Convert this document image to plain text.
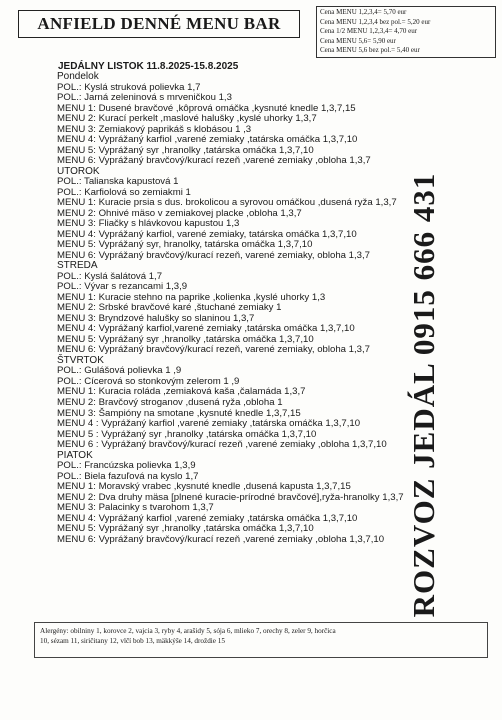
ANFIELD DENNÉ MENU BAR
Cena MENU 1,2,3,4= 5,70 eur
Cena MENU 1,2,3,4 bez pol.= 5,20 eur
Cena 1/2 MENU 1,2,3,4= 4,70 eur
Cena MENU 5,6= 5,90 eur
Cena MENU 5,6 bez pol.= 5,40 eur
JEDÁLNY LISTOK 11.8.2025-15.8.2025
Pondelok
POL.: Kyslá struková polievka 1,7
POL.: Jarná zeleninová s mrveničkou 1,3
MENU 1: Dusené bravčové ,kôprová omáčka ,kysnuté knedle 1,3,7,15
MENU 2: Kurací perkelt ,maslové halušky ,kyslé uhorky 1,3,7
MENU 3: Zemiakový paprikáš s klobásou 1 ,3
MENU 4: Vyprážaný karfiol ,varené zemiaky ,tatárska omáčka 1,3,7,10
MENU 5: Vyprážaný syr ,hranolky ,tatárska omáčka 1,3,7,10
MENU 6: Vyprážaný bravčový/kurací rezeň ,varené zemiaky ,obloha 1,3,7
UTOROK
POL.: Talianska kapustová 1
POL.: Karfiolová so zemiakmi 1
MENU 1: Kuracie prsia s dus. brokolicou a syrovou omáčkou ,dusená ryža 1,3,7
MENU 2: Ohnivé mäso v zemiakovej placke ,obloha 1,3,7
MENU 3: Fliačky s hlávkovou kapustou 1,3
MENU 4: Vyprážaný karfiol, varené zemiaky, tatárska omáčka 1,3,7,10
MENU 5: Vyprážaný syr, hranolky, tatárska omáčka 1,3,7,10
MENU 6: Vyprážaný bravčový/kurací rezeň, varené zemiaky, obloha 1,3,7
STREDA
POL.: Kyslá šalátová 1,7
POL.: Vývar s rezancami 1,3,9
MENU 1: Kuracie stehno na paprike ,kolienka ,kyslé uhorky 1,3
MENU 2: Srbské bravčové karé ,štuchané zemiaky 1
MENU 3: Bryndzové halušky so slaninou 1,3,7
MENU 4: Vyprážaný karfiol,varené zemiaky ,tatárska omáčka 1,3,7,10
MENU 5: Vyprážaný syr ,hranolky ,tatárska omáčka 1,3,7,10
MENU 6: Vyprážaný bravčový/kurací rezeň, varené zemiaky, obloha 1,3,7
ŠTVRTOK
POL.: Gulášová polievka 1 ,9
POL.: Cícerová so stonkovým zelerom 1 ,9
MENU 1: Kuracia roláda ,zemiaková kaša ,čalamáda 1,3,7
MENU 2: Bravčový stroganov ,dusená ryža ,obloha 1
MENU 3: Šampióny na smotane ,kysnuté knedle 1,3,7,15
MENU 4 : Vyprážaný karfiol ,varené zemiaky ,tatárska omáčka 1,3,7,10
MENU 5 : Vyprážaný syr ,hranolky ,tatárska omáčka 1,3,7,10
MENU 6 : Vyprážaný bravčový/kurací rezeň ,varené zemiaky ,obloha 1,3,7,10
PIATOK
POL.: Francúzska polievka 1,3,9
POL.: Biela fazuľová na kyslo 1,7
MENU 1: Moravský vrabec ,kysnuté knedle ,dusená kapusta 1,3,7,15
MENU 2: Dva druhy mäsa [plnené kuracie-prírodné bravčové],ryža-hranolky 1,3,7
MENU 3: Palacinky s tvarohom 1,3,7
MENU 4: Vyprážaný karfiol ,varené zemiaky ,tatárska omáčka 1,3,7,10
MENU 5: Vyprážaný syr ,hranolky ,tatárska omáčka 1,3,7,10
MENU 6: Vyprážaný bravčový/kurací rezeň ,varené zemiaky ,obloha 1,3,7,10 ROZVOZ JEDÁL 0915 666 431
Alergény: obilniny 1, korovce 2, vajcia 3, ryby 4, arašidy 5, sója 6, mlieko 7, orechy 8, zeler 9, horčica
10, sézam 11, siričitany 12, vlčí bob 13, mäkkýše 14, droždie 15
